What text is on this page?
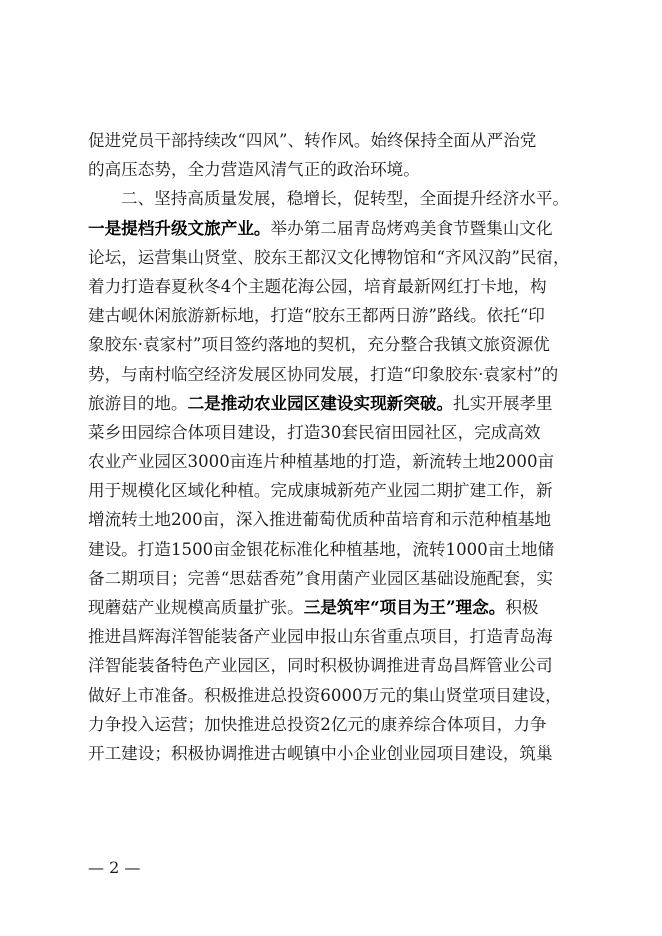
促进党员干部持续改“四风”、转作风。始终保持全面从严治党
的高压态势，全力营造风清气正的政治环境。
二、坚持高质量发展，稳增长，促转型，全面提升经济水平。
一是提档升级文旅产业。举办第二届青岛烤鸡美食节暨集山文化
论坛，运营集山贤堂、胶东王都汉文化博物馆和“齐风汉韵”民宿，
着力打造春夏秋冬4个主题花海公园，培育最新网红打卡地，构
建古岘休闲旅游新标地，打造“胶东王都两日游”路线。依托“印
象胶东·袁家村”项目签约落地的契机，充分整合我镇文旅资源优
势，与南村临空经济发展区协同发展，打造“印象胶东·袁家村”的
旅游目的地。二是推动农业园区建设实现新突破。扎实开展孝里
菜乡田园综合体项目建设，打造30套民宿田园社区，完成高效
农业产业园区3000亩连片种植基地的打造，新流转土地2000亩
用于规模化区域化种植。完成康城新苑产业园二期扩建工作，新
增流转土地200亩，深入推进葡萄优质种苗培育和示范种植基地
建设。打造1500亩金银花标准化种植基地，流转1000亩土地储
备二期项目；完善“思菇香苑”食用菌产业园区基础设施配套，实
现蘑菇产业规模高质量扩张。三是筑牢“项目为王”理念。积极
推进昌辉海洋智能装备产业园申报山东省重点项目，打造青岛海
洋智能装备特色产业园区，同时积极协调推进青岛昌辉管业公司
做好上市准备。积极推进总投资6000万元的集山贤堂项目建设，
力争投入运营；加快推进总投资2亿元的康养综合体项目，力争
开工建设；积极协调推进古岘镇中小企业创业园项目建设，筑巢
— 2 —
